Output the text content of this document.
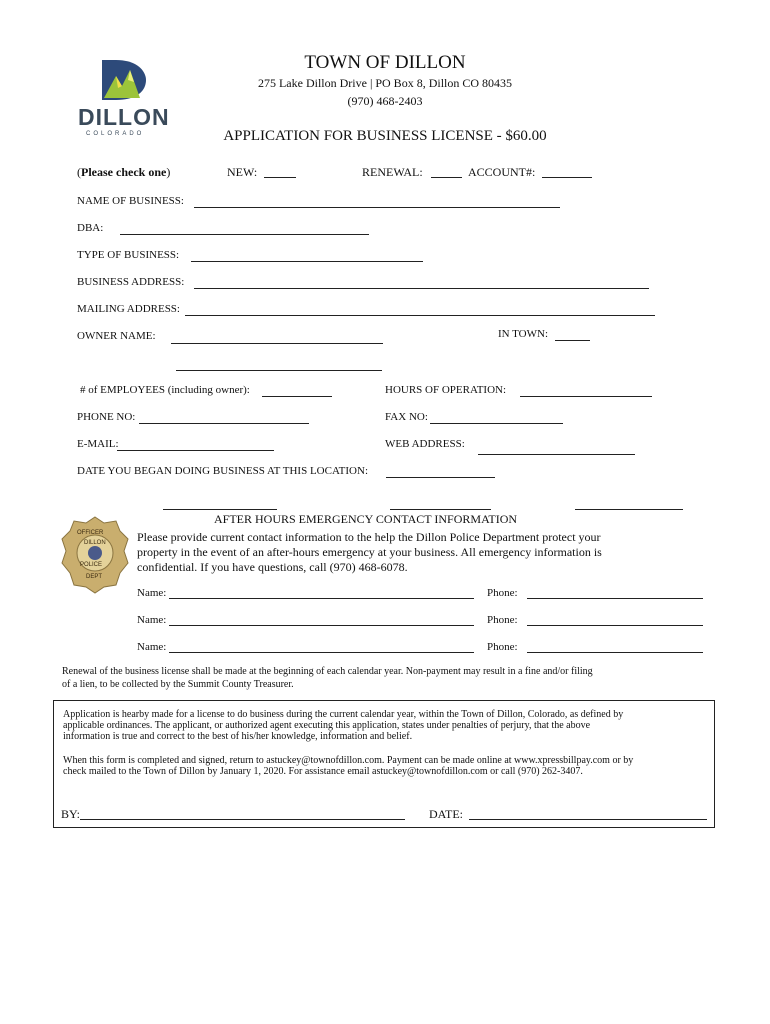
DILLON
COLORADO
TOWN OF DILLON
275 Lake Dillon Drive | PO Box 8, Dillon CO 80435
(970) 468-2403
APPLICATION FOR BUSINESS LICENSE - $60.00
(Please check one)	NEW:	RENEWAL:	ACCOUNT#:
NAME OF BUSINESS:
DBA:
TYPE OF BUSINESS:
BUSINESS ADDRESS:
MAILING ADDRESS:
OWNER NAME:	IN TOWN:
# of EMPLOYEES (including owner):	HOURS OF OPERATION:
PHONE NO:	FAX NO:
E-MAIL:	WEB ADDRESS:
DATE YOU BEGAN DOING BUSINESS AT THIS LOCATION:
AFTER HOURS EMERGENCY CONTACT INFORMATION
OFFICER
DILLON
POLICE
DEPT
Please provide current contact information to the help the Dillon Police Department protect your
property in the event of an after-hours emergency at your business. All emergency information is
confidential. If you have questions, call (970) 468-6078.
Name:	Phone:
Name:	Phone:
Name:	Phone:
Renewal of the business license shall be made at the beginning of each calendar year. Non-payment may result in a fine and/or filing
of a lien, to be collected by the Summit County Treasurer.
Application is hearby made for a license to do business during the current calendar year, within the Town of Dillon, Colorado, as defined by
applicable ordinances. The applicant, or authorized agent executing this application, states under penalties of perjury, that the above
information is true and correct to the best of his/her knowledge, information and belief.
When this form is completed and signed, return to astuckey@townofdillon.com. Payment can be made online at www.xpressbillpay.com or by
check mailed to the Town of Dillon by January 1, 2020. For assistance email astuckey@townofdillon.com or call (970) 262-3407.
BY:	DATE:
